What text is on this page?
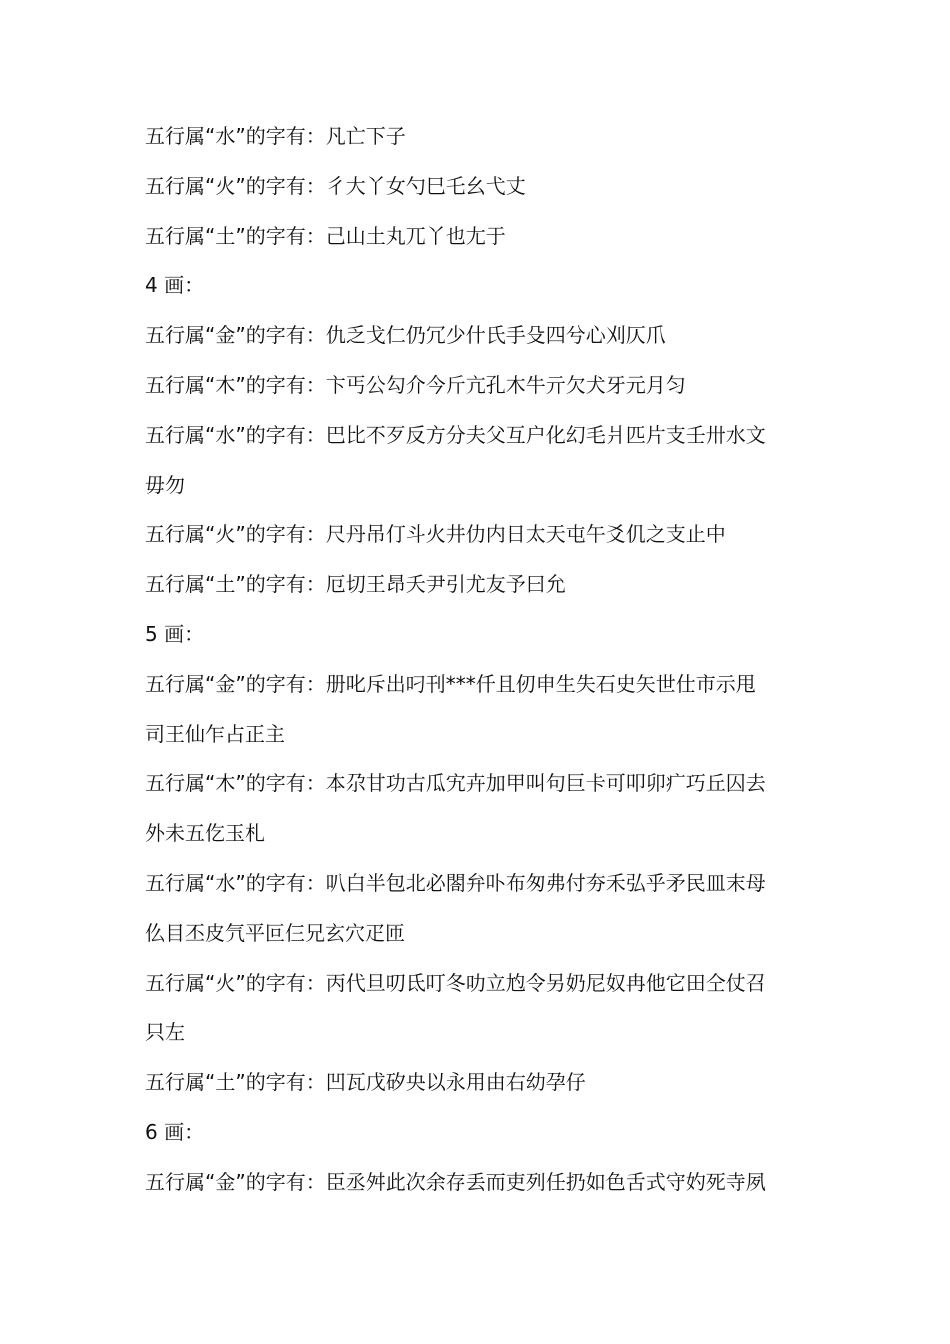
五行属“水”的字有：凡亡下子
五行属“火”的字有：彳大丫女勺巳乇幺弋丈
五行属“土”的字有：己山土丸兀丫也尢于
4 画：
五行属“金”的字有：仇乏戈仁仍冗少什氏手殳四兮心刈仄爪
五行属“木”的字有：卞丐公勾介今斤亢孔木牛亓欠犬牙元月匀
五行属“水”的字有：巴比不歹反方分夫父互户化幻毛爿匹片支壬卅水文
毋勿
五行属“火”的字有：尺丹吊仃斗火井仂内日太天屯午爻仉之支止中
五行属“土”的字有：厄切王昂夭尹引尤友予曰允
5 画：
五行属“金”的字有：册叱斥出叼刊***仟且仞申生失石史矢世仕市示甩
司王仙乍占正主
五行属“木”的字有：本尕甘功古瓜宄卉加甲叫句巨卡可叩卯疒巧丘囚去
外未五仡玉札
五行属“水”的字有：叭白半包北必閤弁卟布匆弗付夯禾弘乎矛民皿末母
仫目丕皮氕平叵仨兄玄穴疋匝
五行属“火”的字有：丙代旦叨氐叮冬叻立尥令另奶尼奴冉他它田仝仗召
只左
五行属“土”的字有：凹瓦戊矽央以永用由右幼孕仔
6 画：
五行属“金”的字有：臣丞舛此次余存丢而吏列任扔如色舌式守妁死寺夙
